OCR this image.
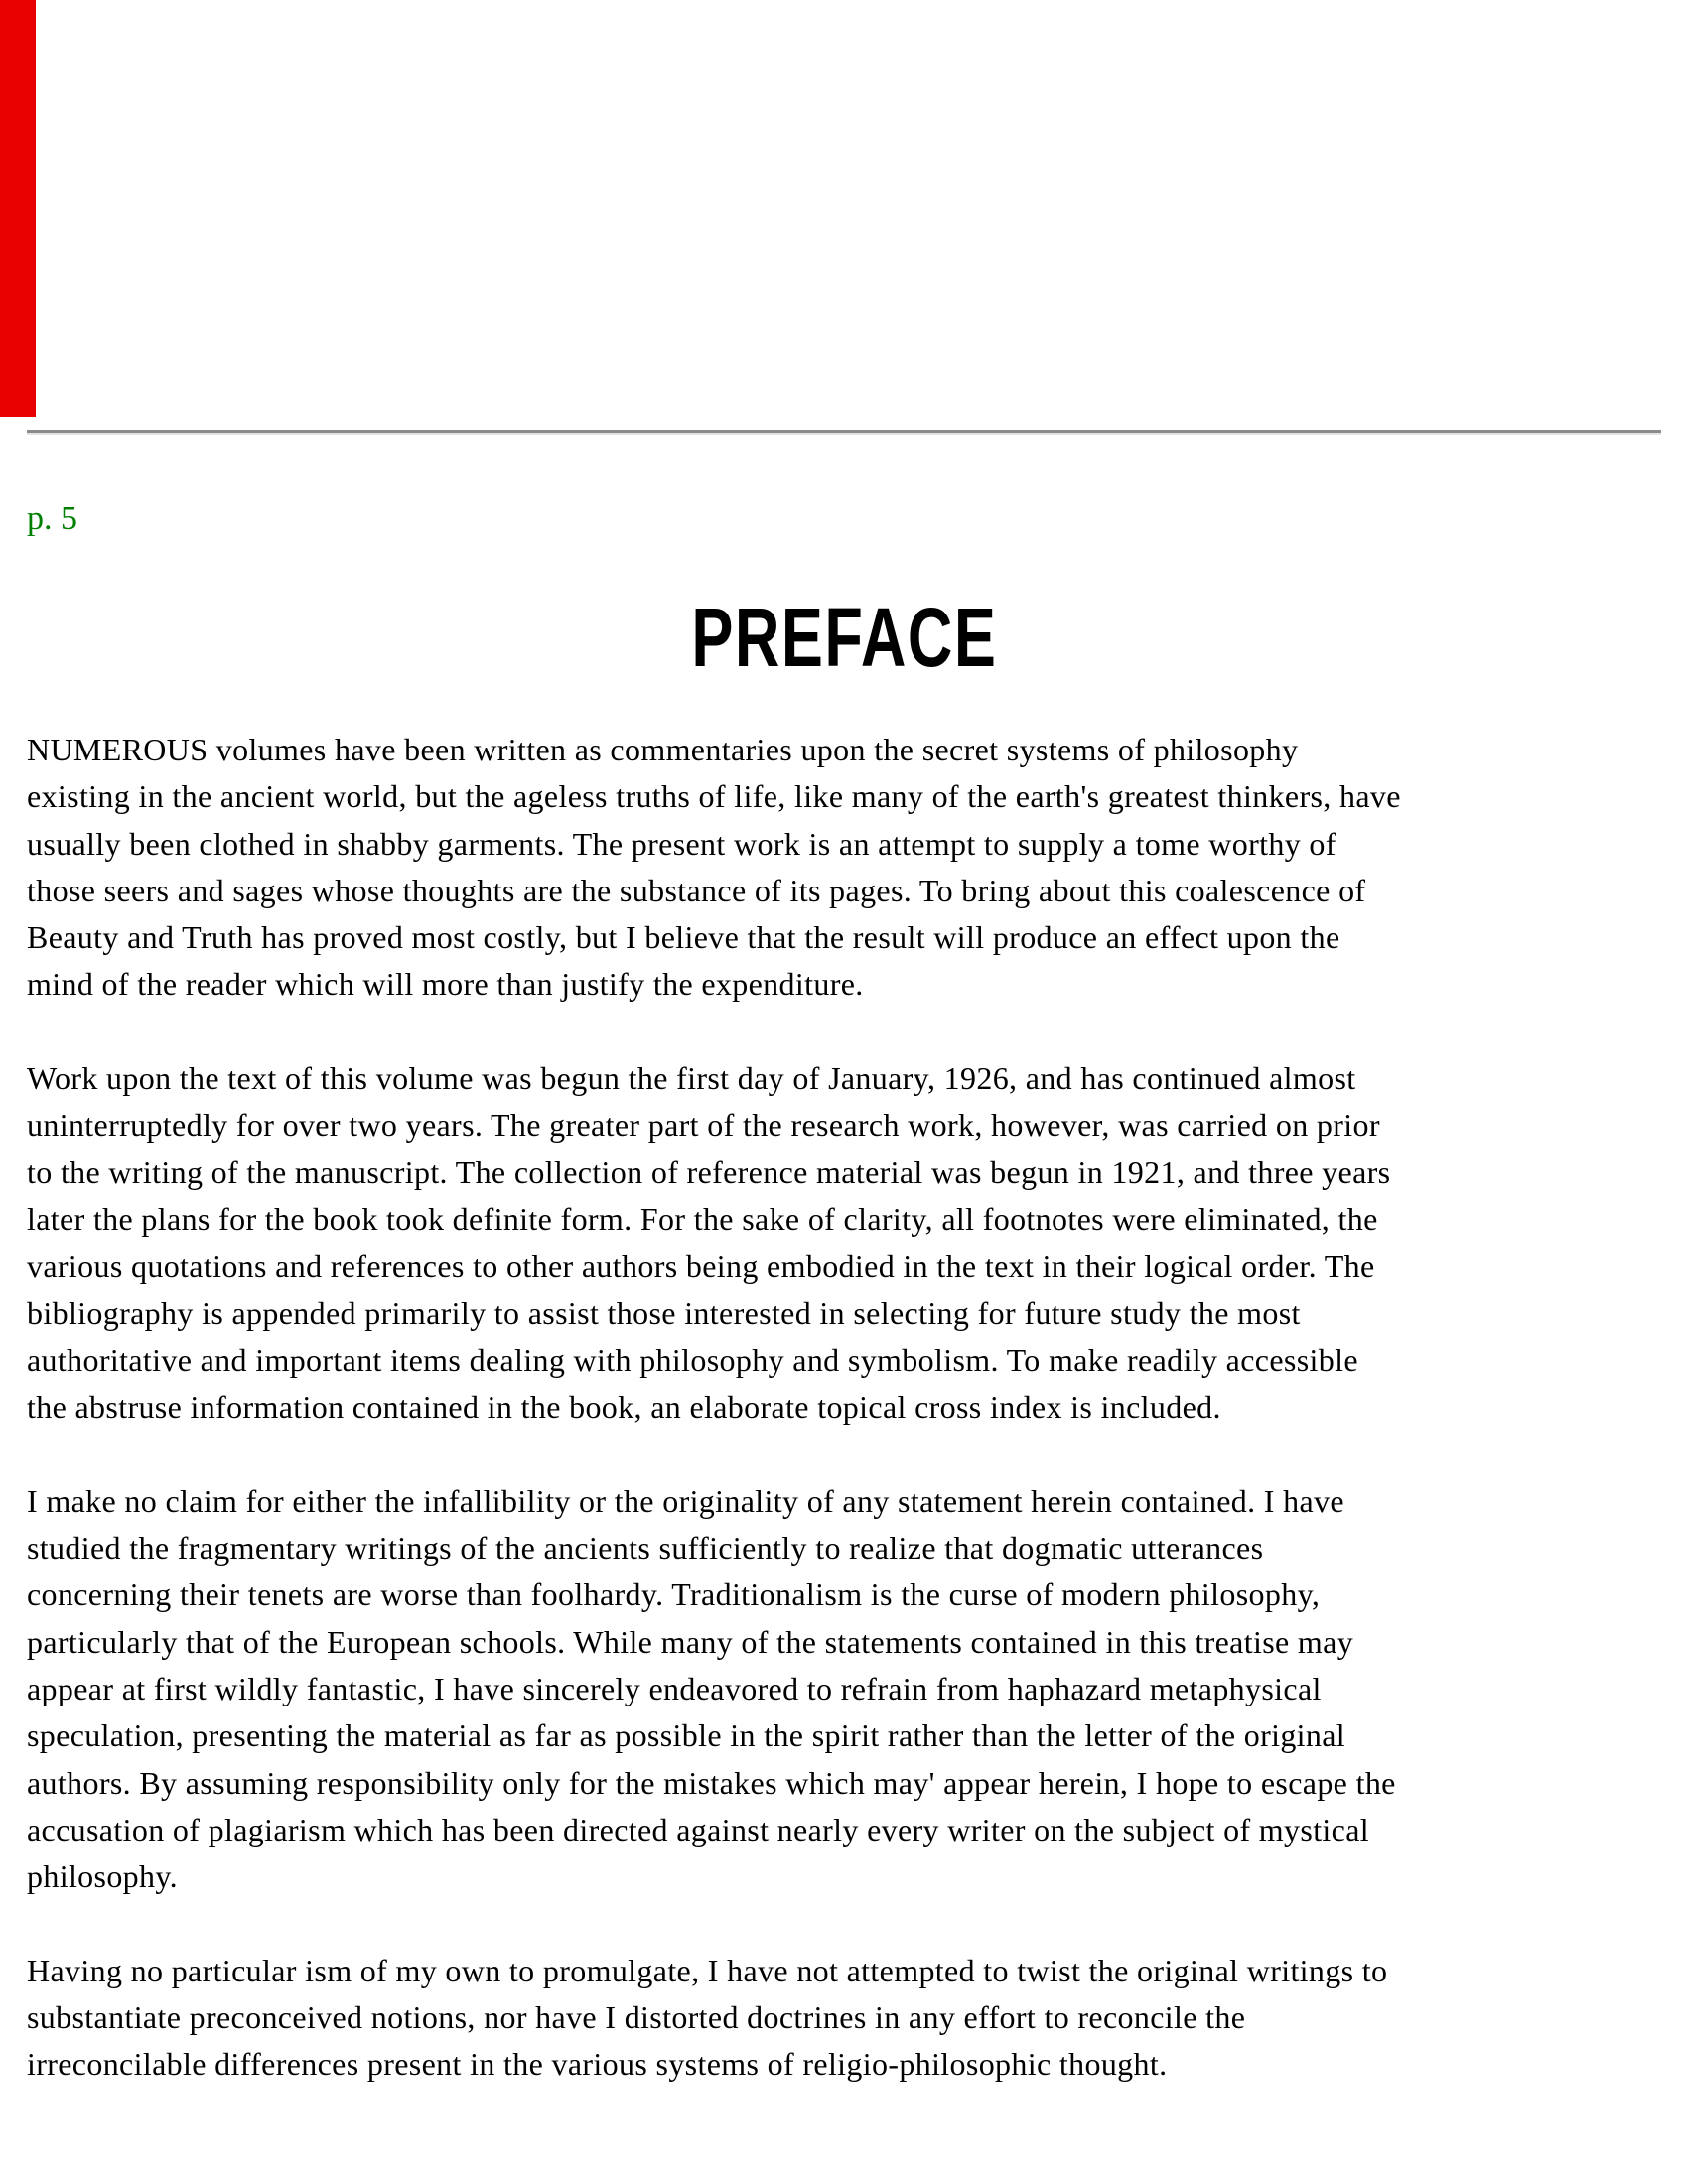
p. 5
PREFACE

NUMEROUS volumes have been written as commentaries upon the secret systems of philosophy
existing in the ancient world, but the ageless truths of life, like many of the earth's greatest thinkers, have
usually been clothed in shabby garments. The present work is an attempt to supply a tome worthy of
those seers and sages whose thoughts are the substance of its pages. To bring about this coalescence of
Beauty and Truth has proved most costly, but I believe that the result will produce an effect upon the
mind of the reader which will more than justify the expenditure.

Work upon the text of this volume was begun the first day of January, 1926, and has continued almost
uninterruptedly for over two years. The greater part of the research work, however, was carried on prior
to the writing of the manuscript. The collection of reference material was begun in 1921, and three years
later the plans for the book took definite form. For the sake of clarity, all footnotes were eliminated, the
various quotations and references to other authors being embodied in the text in their logical order. The
bibliography is appended primarily to assist those interested in selecting for future study the most
authoritative and important items dealing with philosophy and symbolism. To make readily accessible
the abstruse information contained in the book, an elaborate topical cross index is included.

I make no claim for either the infallibility or the originality of any statement herein contained. I have
studied the fragmentary writings of the ancients sufficiently to realize that dogmatic utterances
concerning their tenets are worse than foolhardy. Traditionalism is the curse of modern philosophy,
particularly that of the European schools. While many of the statements contained in this treatise may
appear at first wildly fantastic, I have sincerely endeavored to refrain from haphazard metaphysical
speculation, presenting the material as far as possible in the spirit rather than the letter of the original
authors. By assuming responsibility only for the mistakes which may' appear herein, I hope to escape the
accusation of plagiarism which has been directed against nearly every writer on the subject of mystical
philosophy.

Having no particular ism of my own to promulgate, I have not attempted to twist the original writings to
substantiate preconceived notions, nor have I distorted doctrines in any effort to reconcile the
irreconcilable differences present in the various systems of religio-philosophic thought.
